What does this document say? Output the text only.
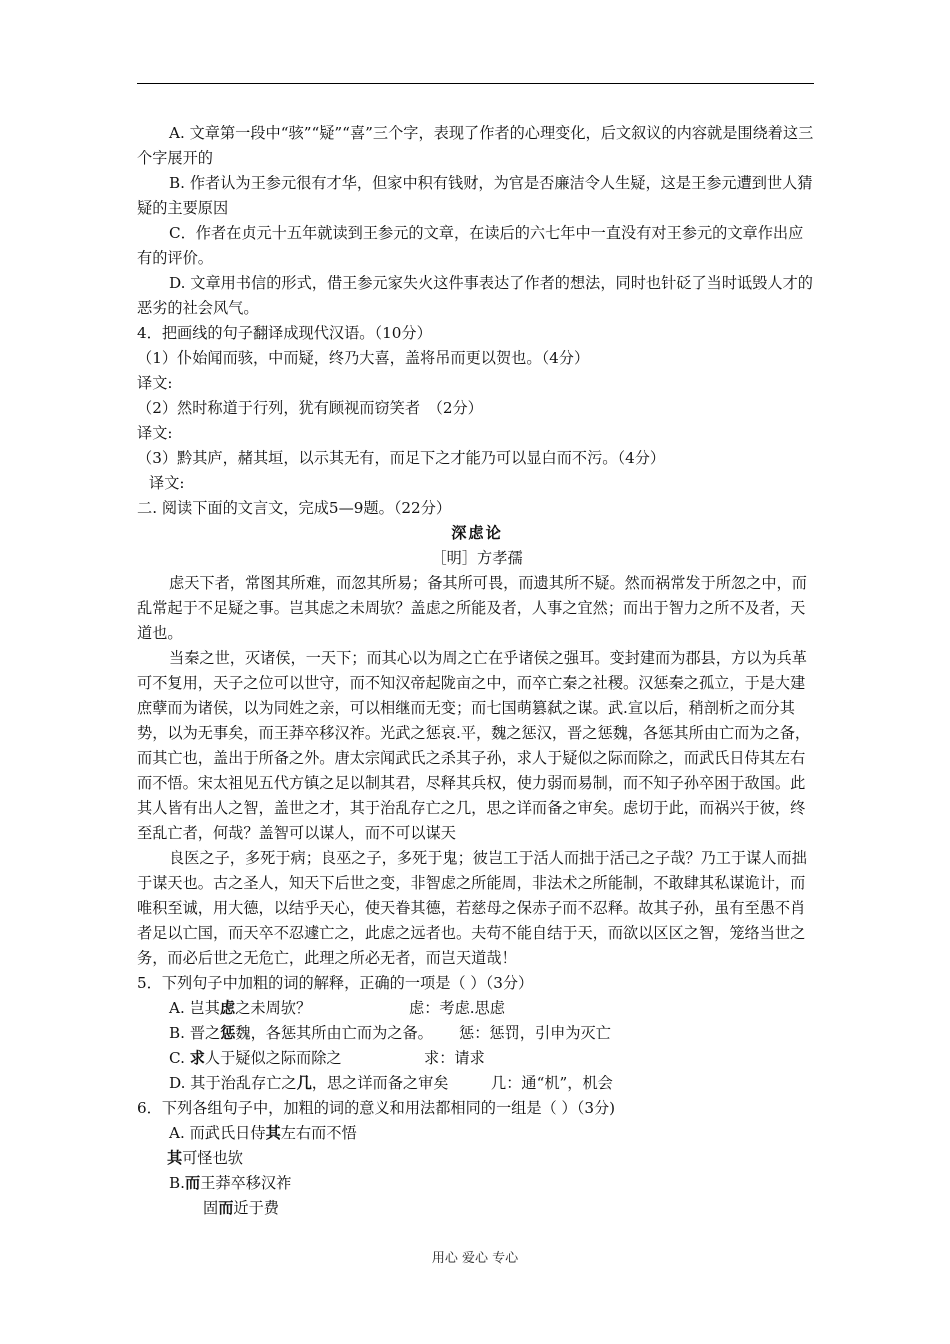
A. 文章第一段中“骇”“疑”“喜”三个字，表现了作者的心理变化，后文叙议的内容就是围绕着这三个字展开的

B. 作者认为王参元很有才华，但家中积有钱财，为官是否廉洁令人生疑，这是王参元遭到世人猜疑的主要原因

C．作者在贞元十五年就读到王参元的文章，在读后的六七年中一直没有对王参元的文章作出应有的评价。

D. 文章用书信的形式，借王参元家失火这件事表达了作者的想法，同时也针砭了当时诋毁人才的恶劣的社会风气。

4．把画线的句子翻译成现代汉语。（10分）

（1）仆始闻而骇，中而疑，终乃大喜，盖将吊而更以贺也。（4分）

译文:

（2）然时称道于行列，犹有顾视而窃笑者　（2分）

译文:

（3）黔其庐，赭其垣，以示其无有，而足下之才能乃可以显白而不污。（4分）

译文:

二. 阅读下面的文言文，完成5—9题。（22分）

深虑论

［明］方孝孺

虑天下者，常图其所难，而忽其所易；备其所可畏，而遗其所不疑。然而祸常发于所忽之中，而乱常起于不足疑之事。岂其虑之未周欤？盖虑之所能及者，人事之宜然；而出于智力之所不及者，天道也。

当秦之世，灭诸侯，一天下；而其心以为周之亡在乎诸侯之强耳。变封建而为郡县，方以为兵革可不复用，天子之位可以世守，而不知汉帝起陇亩之中，而卒亡秦之社稷。汉惩秦之孤立，于是大建庶孽而为诸侯，以为同姓之亲，可以相继而无变；而七国萌篡弑之谋。武.宣以后，稍剖析之而分其势，以为无事矣，而王莽卒移汉祚。光武之惩哀.平，魏之惩汉，晋之惩魏，各惩其所由亡而为之备，而其亡也，盖出于所备之外。唐太宗闻武氏之杀其子孙，求人于疑似之际而除之，而武氏日侍其左右而不悟。宋太祖见五代方镇之足以制其君，尽释其兵权，使力弱而易制，而不知子孙卒困于敌国。此其人皆有出人之智，盖世之才，其于治乱存亡之几，思之详而备之审矣。虑切于此，而祸兴于彼，终至乱亡者，何哉？盖智可以谋人，而不可以谋天

良医之子，多死于病；良巫之子，多死于鬼；彼岂工于活人而拙于活己之子哉？乃工于谋人而拙于谋天也。古之圣人，知天下后世之变，非智虑之所能周，非法术之所能制，不敢肆其私谋诡计，而唯积至诚，用大德，以结乎天心，使天眷其德，若慈母之保赤子而不忍释。故其子孙，虽有至愚不肖者足以亡国，而天卒不忍遽亡之，此虑之远者也。夫苟不能自结于天，而欲以区区之智，笼络当世之务，而必后世之无危亡，此理之所必无者，而岂天道哉！

5．下列句子中加粗的词的解释，正确的一项是（ ）（3分）

A. 岂其虑之未周欤？	虑：考虑.思虑
B. 晋之惩魏，各惩其所由亡而为之备。	惩：惩罚，引申为灭亡
C. 求人于疑似之际而除之	求：请求
D. 其于治乱存亡之几，思之详而备之审矣	几：通“机”，机会

6．下列各组句子中，加粗的词的意义和用法都相同的一组是（ ）（3分)

A. 而武氏日侍其左右而不悟

其可怪也欤

B.而王莽卒移汉祚

固而近于费

用心 爱心 专心
